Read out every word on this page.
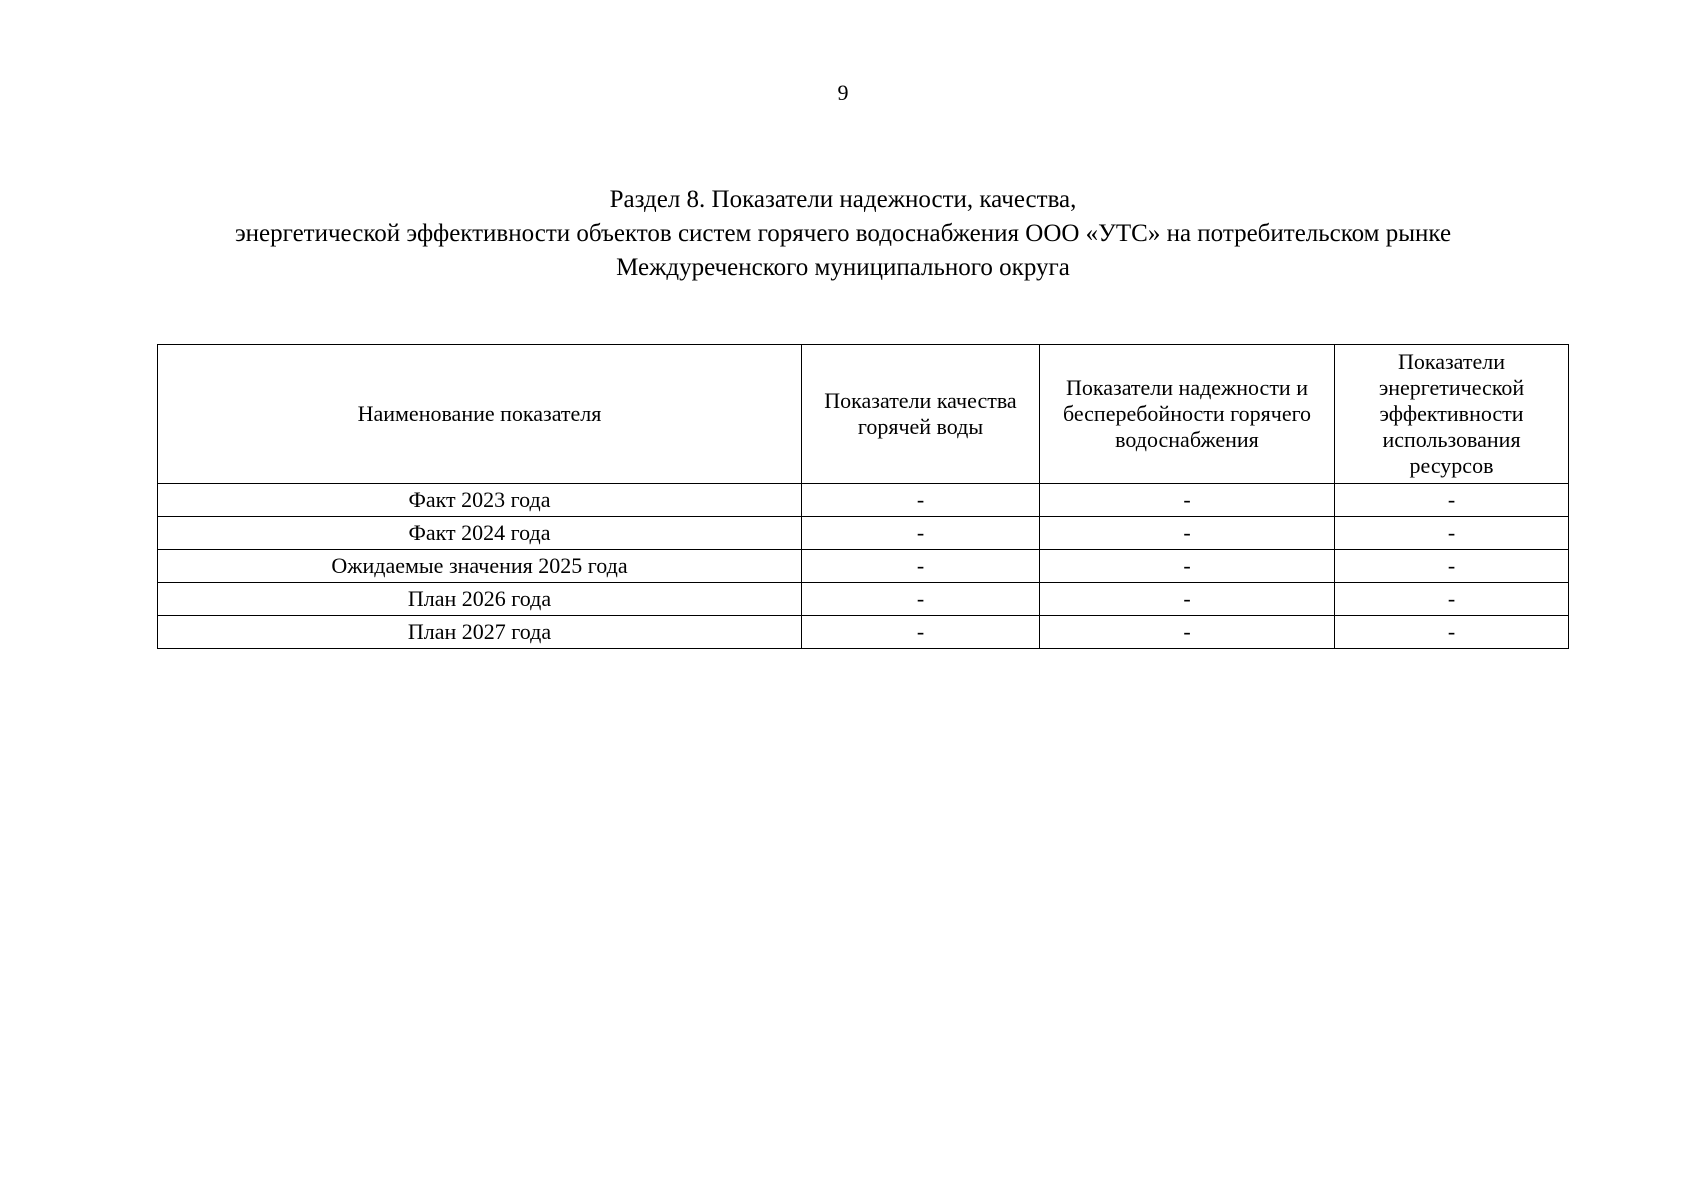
9
Раздел 8. Показатели надежности, качества,
энергетической эффективности объектов систем горячего водоснабжения ООО «УТС» на потребительском рынке
Междуреченского муниципального округа
Наименование показателя	Показатели качества горячей воды	Показатели надежности и бесперебойности горячего водоснабжения	Показатели энергетической эффективности использования ресурсов
Факт 2023 года	-	-	-
Факт 2024 года	-	-	-
Ожидаемые значения 2025 года	-	-	-
План 2026 года	-	-	-
План 2027 года	-	-	-
